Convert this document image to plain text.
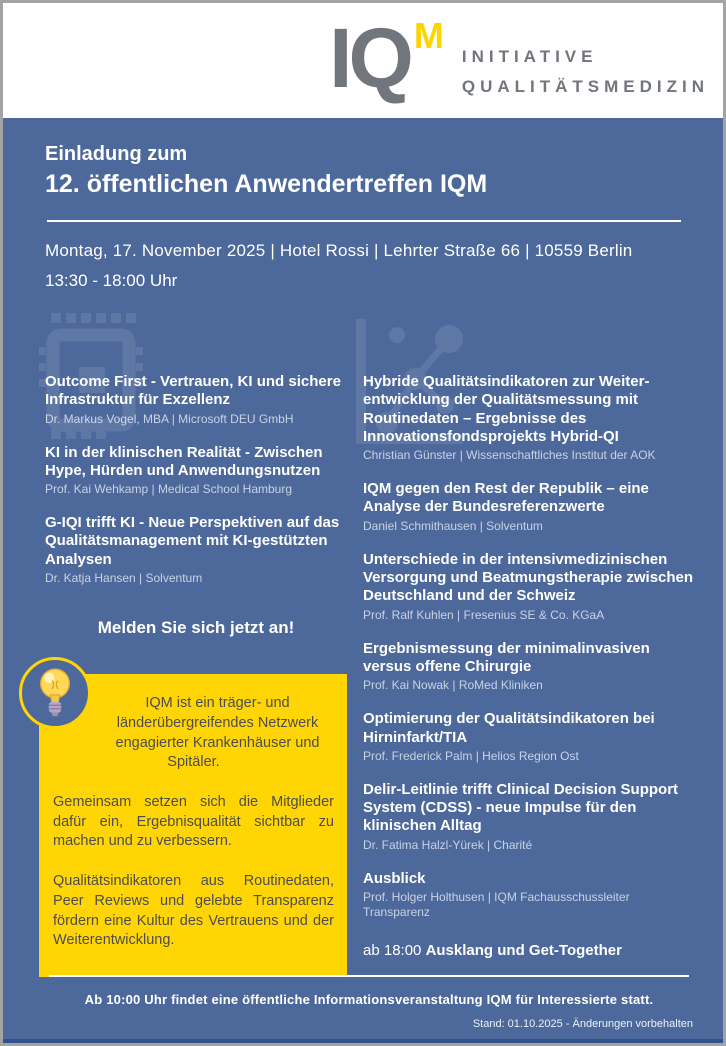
IQ M
INITIATIVE
QUALITÄTSMEDIZIN
Einladung zum
12. öffentlichen Anwendertreffen IQM
Montag, 17. November 2025 | Hotel Rossi | Lehrter Straße 66 | 10559 Berlin
13:30 - 18:00 Uhr
Outcome First - Vertrauen, KI und sichere Infrastruktur für Exzellenz
Dr. Markus Vogel, MBA | Microsoft DEU GmbH
KI in der klinischen Realität - Zwischen Hype, Hürden und Anwendungsnutzen
Prof. Kai Wehkamp | Medical School Hamburg
G-IQI trifft KI - Neue Perspektiven auf das Qualitätsmanagement mit KI-gestützten Analysen
Dr. Katja Hansen | Solventum
Melden Sie sich jetzt an!

IQM ist ein träger- und länderübergreifendes Netzwerk engagierter Krankenhäuser und Spitäler.

Gemeinsam setzen sich die Mitglieder dafür ein, Ergebnisqualität sichtbar zu machen und zu verbessern.

Qualitätsindikatoren aus Routinedaten, Peer Reviews und gelebte Transparenz fördern eine Kultur des Vertrauens und der Weiterentwicklung.

Hybride Qualitätsindikatoren zur Weiter-entwicklung der Qualitätsmessung mit Routinedaten – Ergebnisse des Innovationsfondsprojekts Hybrid-QI
Christian Günster | Wissenschaftliches Institut der AOK
IQM gegen den Rest der Republik – eine Analyse der Bundesreferenzwerte
Daniel Schmithausen | Solventum
Unterschiede in der intensivmedizinischen Versorgung und Beatmungstherapie zwischen Deutschland und der Schweiz
Prof. Ralf Kuhlen | Fresenius SE & Co. KGaA
Ergebnismessung der minimalinvasiven versus offene Chirurgie
Prof. Kai Nowak | RoMed Kliniken
Optimierung der Qualitätsindikatoren bei Hirninfarkt/TIA
Prof. Frederick Palm | Helios Region Ost
Delir-Leitlinie trifft Clinical Decision Support System (CDSS) - neue Impulse für den klinischen Alltag
Dr. Fatima Halzl-Yürek | Charité
Ausblick
Prof. Holger Holthusen | IQM Fachausschussleiter Transparenz
ab 18:00 Ausklang und Get-Together
Ab 10:00 Uhr findet eine öffentliche Informationsveranstaltung IQM für Interessierte statt.
Stand: 01.10.2025 - Änderungen vorbehalten
